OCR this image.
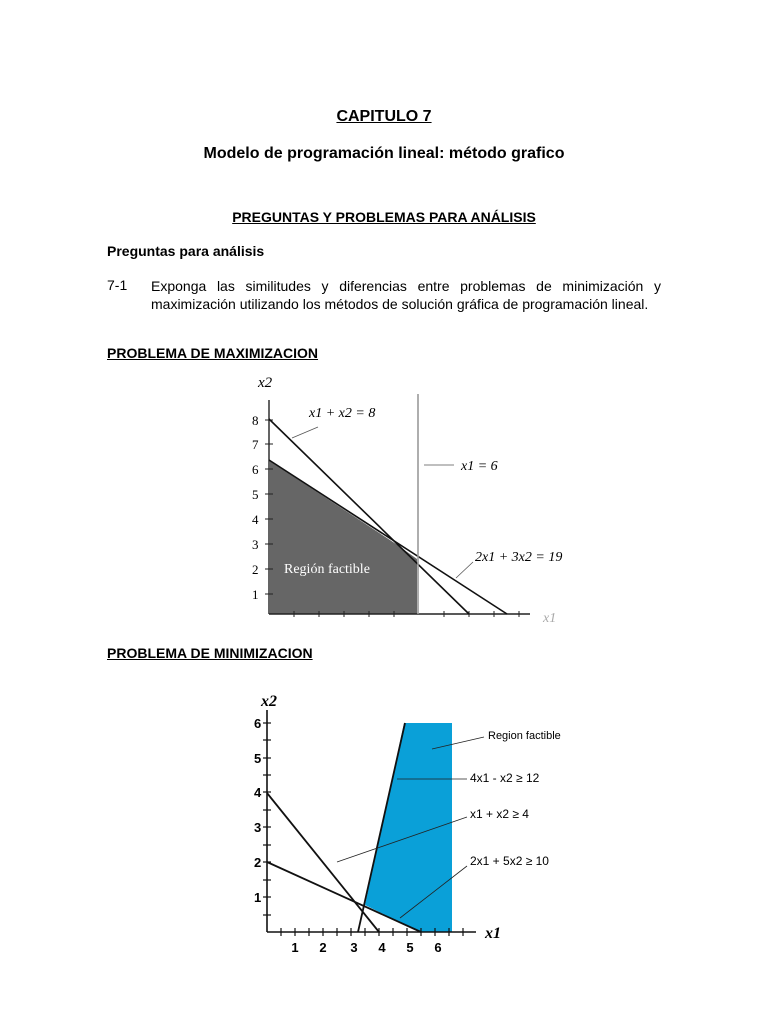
CAPITULO 7
Modelo de programación lineal: método grafico
PREGUNTAS Y PROBLEMAS PARA ANÁLISIS
Preguntas para análisis
7-1 Exponga las similitudes y diferencias entre problemas de minimización y maximización utilizando los métodos de solución gráfica de programación lineal.
PROBLEMA DE MAXIMIZACION
1
2
3
4
5
6
7
8
x2
x1
x1 + x2 = 8
x1 = 6
2x1 + 3x2 = 19
Región factible
PROBLEMA DE MINIMIZACION
1 2 3 4 5 6
1
2
3
4
5
6
x2
x1
Region factible
4x1 - x2 ≥ 12
x1 + x2 ≥ 4
2x1 + 5x2 ≥ 10
